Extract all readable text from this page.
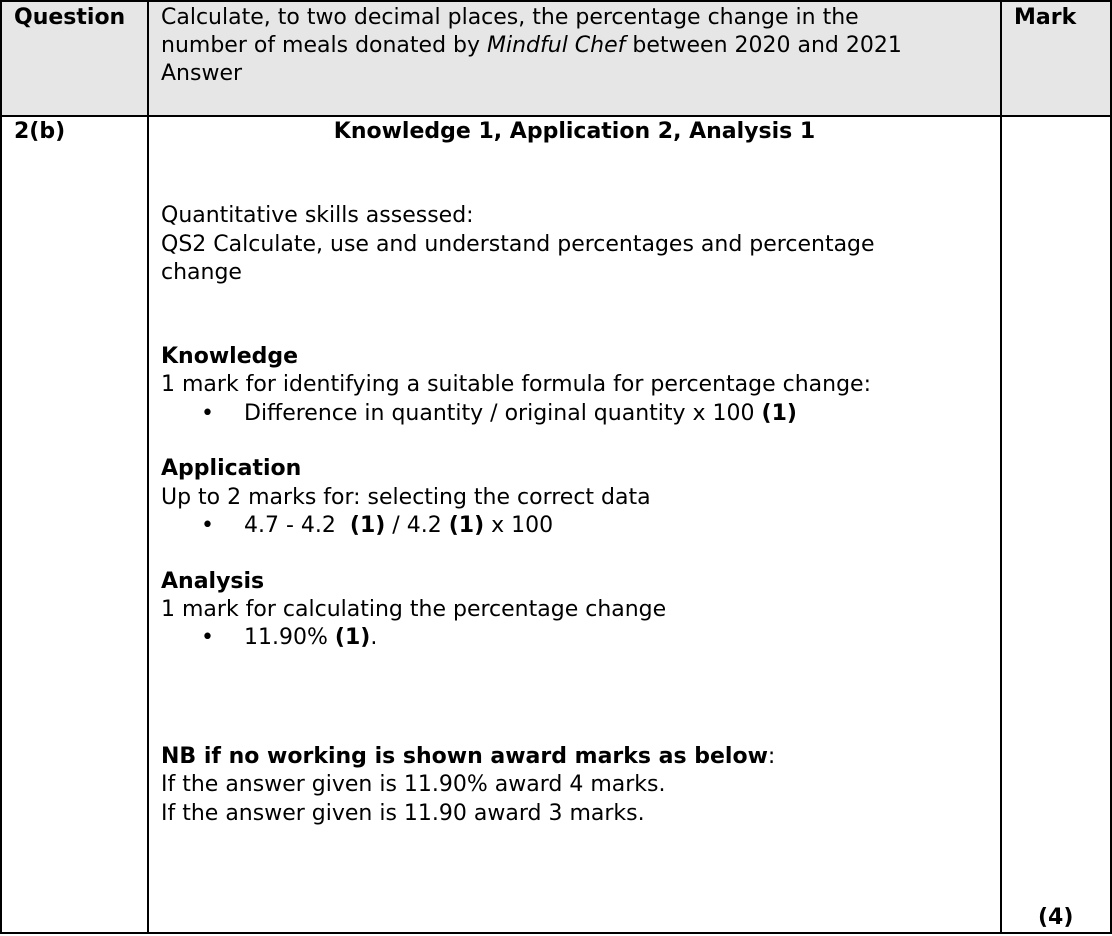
Question Calculate, to two decimal places, the percentage change in the
number of meals donated by Mindful Chef between 2020 and 2021
Answer
Mark
2(b)	Knowledge 1, Application 2, Analysis 1
Quantitative skills assessed:
QS2 Calculate, use and understand percentages and percentage
change
Knowledge
1 mark for identifying a suitable formula for percentage change:
• Difference in quantity / original quantity x 100 (1)
Application
Up to 2 marks for: selecting the correct data
• 4.7 - 4.2  (1) / 4.2 (1) x 100
Analysis
1 mark for calculating the percentage change
• 11.90% (1).
NB if no working is shown award marks as below:
If the answer given is 11.90% award 4 marks.
If the answer given is 11.90 award 3 marks.
(4)
